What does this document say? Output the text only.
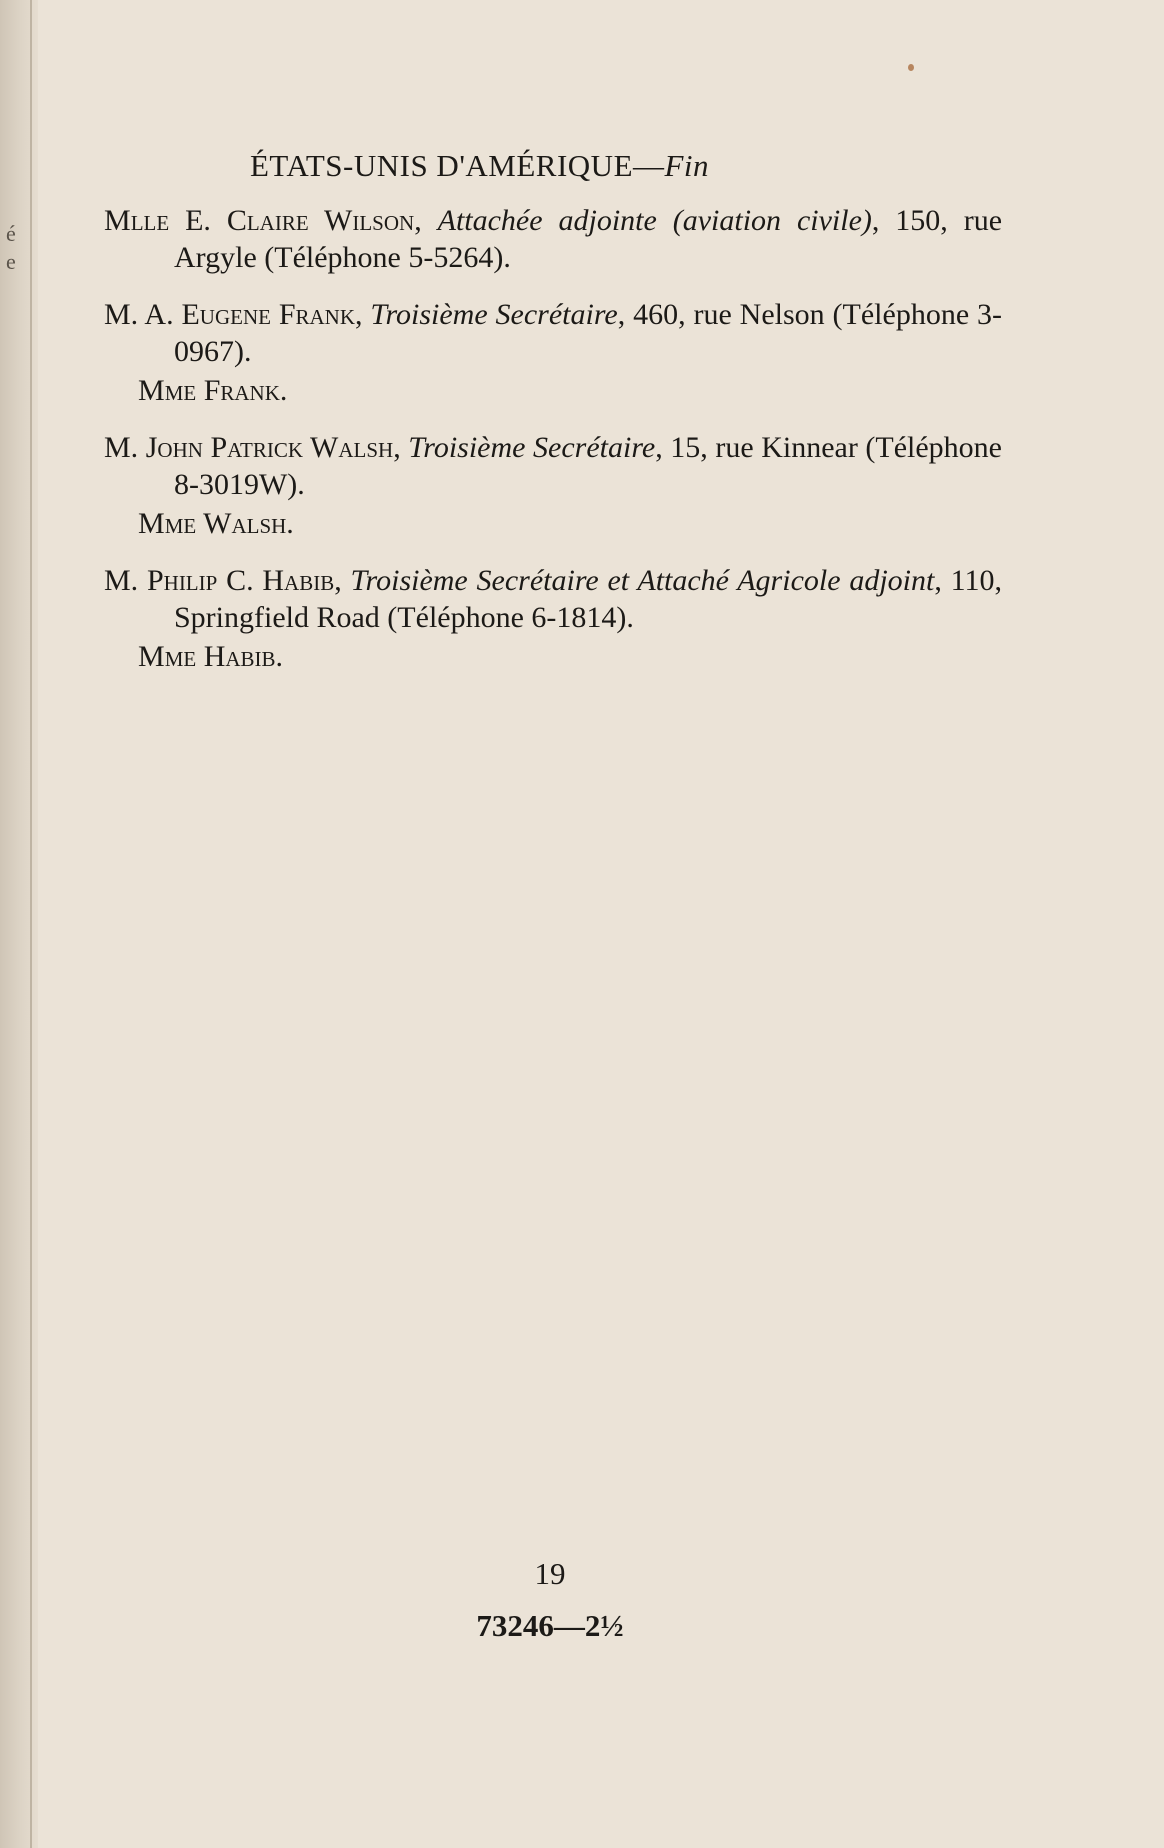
é
e
ÉTATS-UNIS D'AMÉRIQUE—Fin

Mlle E. Claire Wilson, Attachée adjointe (aviation civile), 150, rue Argyle (Téléphone 5-5264).

M. A. Eugene Frank, Troisième Secrétaire, 460, rue Nelson (Téléphone 3-0967).

Mme Frank.

M. John Patrick Walsh, Troisième Secrétaire, 15, rue Kinnear (Téléphone 8-3019W).

Mme Walsh.

M. Philip C. Habib, Troisième Secrétaire et Attaché Agricole adjoint, 110, Springfield Road (Téléphone 6-1814).

Mme Habib.

19
73246—2½
